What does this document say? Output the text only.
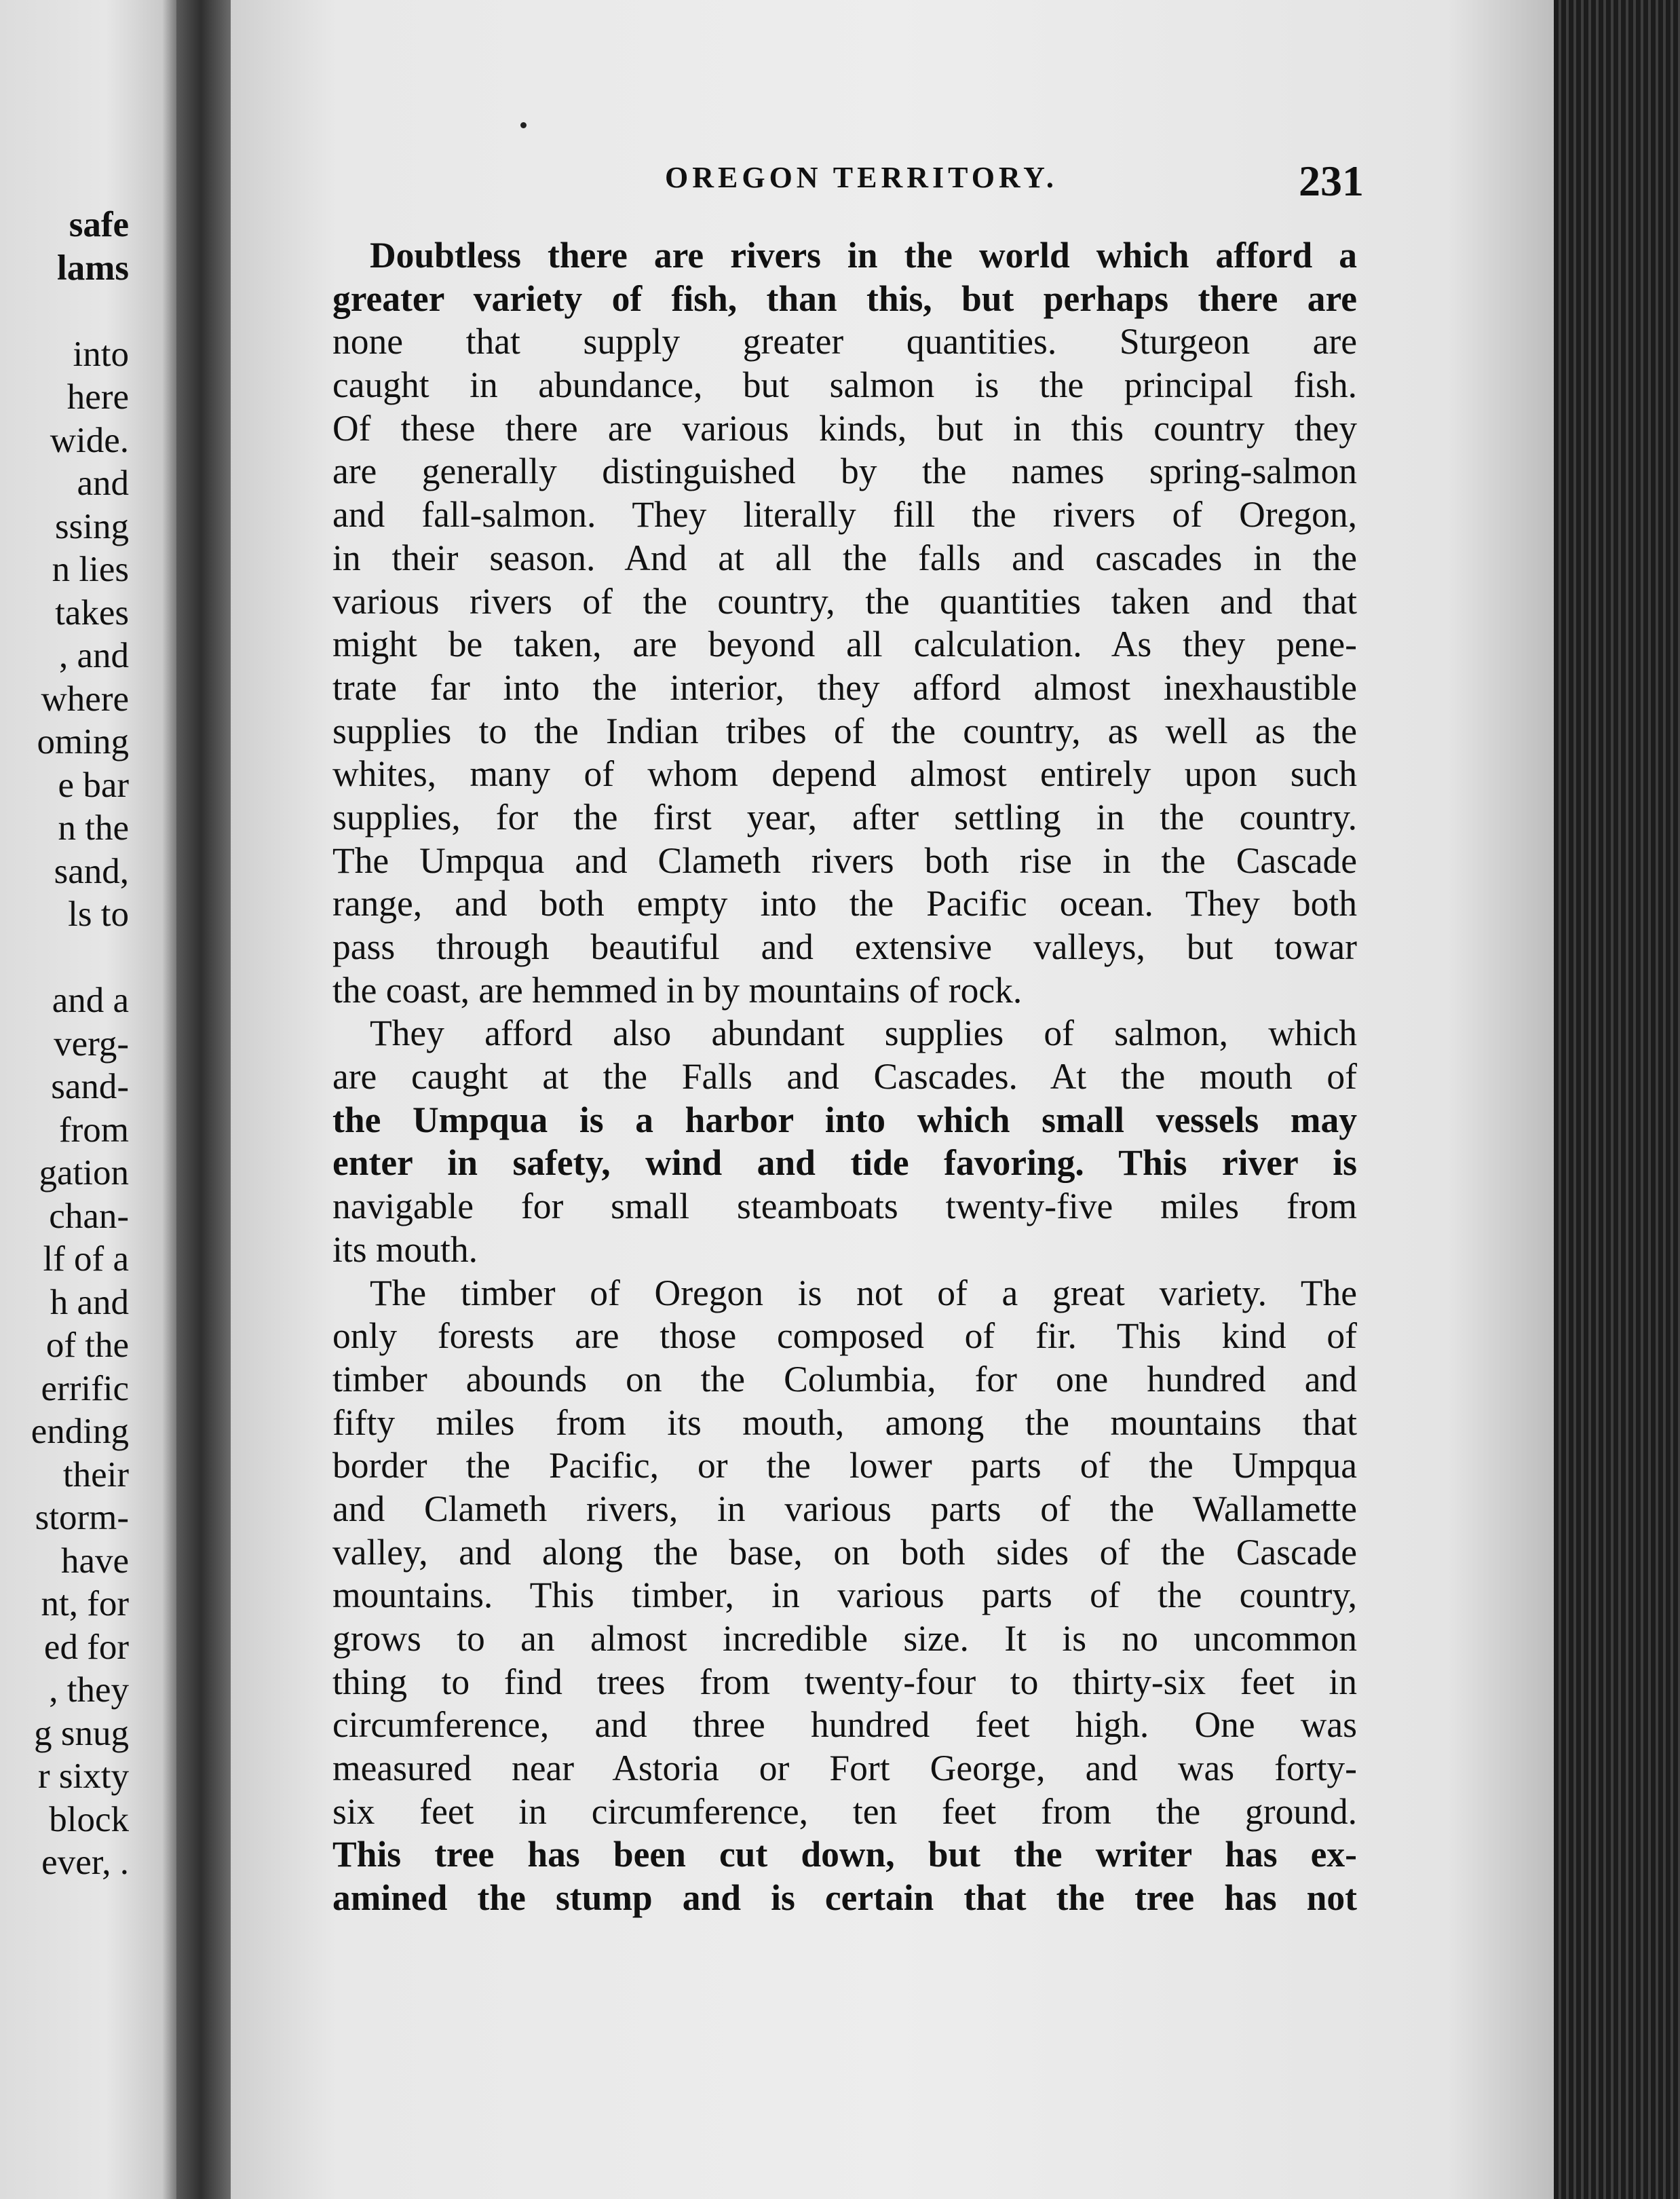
safe
lams
into
here
wide.
and
ssing
n lies
takes
, and
where
oming
e bar
n the
sand,
ls to
and a
verg-
sand-
from
gation
chan-
lf of a
h and
of the
errific
ending
their
storm-
have
nt, for
ed for
, they
g snug
r sixty
block
ever, .
OREGON TERRITORY.	231
Doubtless there are rivers in the world which afford a
greater variety of fish, than this, but perhaps there are
none that supply greater quantities. Sturgeon are
caught in abundance, but salmon is the principal fish.
Of these there are various kinds, but in this country they
are generally distinguished by the names spring-salmon
and fall-salmon. They literally fill the rivers of Oregon,
in their season. And at all the falls and cascades in the
various rivers of the country, the quantities taken and that
might be taken, are beyond all calculation. As they pene-
trate far into the interior, they afford almost inexhaustible
supplies to the Indian tribes of the country, as well as the
whites, many of whom depend almost entirely upon such
supplies, for the first year, after settling in the country.
The Umpqua and Clameth rivers both rise in the Cascade
range, and both empty into the Pacific ocean. They both
pass through beautiful and extensive valleys, but towar
the coast, are hemmed in by mountains of rock.
They afford also abundant supplies of salmon, which
are caught at the Falls and Cascades. At the mouth of
the Umpqua is a harbor into which small vessels may
enter in safety, wind and tide favoring. This river is
navigable for small steamboats twenty-five miles from
its mouth.
The timber of Oregon is not of a great variety. The
only forests are those composed of fir. This kind of
timber abounds on the Columbia, for one hundred and
fifty miles from its mouth, among the mountains that
border the Pacific, or the lower parts of the Umpqua
and Clameth rivers, in various parts of the Wallamette
valley, and along the base, on both sides of the Cascade
mountains. This timber, in various parts of the country,
grows to an almost incredible size. It is no uncommon
thing to find trees from twenty-four to thirty-six feet in
circumference, and three hundred feet high. One was
measured near Astoria or Fort George, and was forty-
six feet in circumference, ten feet from the ground.
This tree has been cut down, but the writer has ex-
amined the stump and is certain that the tree has not
